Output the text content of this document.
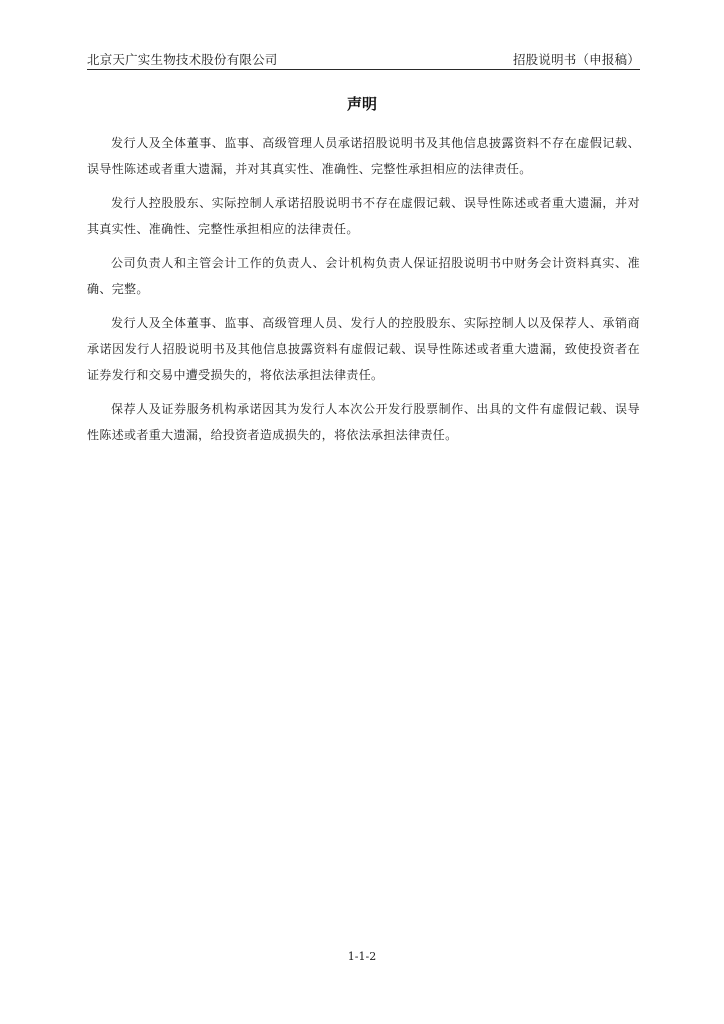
北京天广实生物技术股份有限公司	招股说明书（申报稿）
声明

发行人及全体董事、监事、高级管理人员承诺招股说明书及其他信息披露资料不存在虚假记载、误导性陈述或者重大遗漏，并对其真实性、准确性、完整性承担相应的法律责任。

发行人控股股东、实际控制人承诺招股说明书不存在虚假记载、误导性陈述或者重大遗漏，并对其真实性、准确性、完整性承担相应的法律责任。

公司负责人和主管会计工作的负责人、会计机构负责人保证招股说明书中财务会计资料真实、准确、完整。

发行人及全体董事、监事、高级管理人员、发行人的控股股东、实际控制人以及保荐人、承销商承诺因发行人招股说明书及其他信息披露资料有虚假记载、误导性陈述或者重大遗漏，致使投资者在证券发行和交易中遭受损失的，将依法承担法律责任。

保荐人及证券服务机构承诺因其为发行人本次公开发行股票制作、出具的文件有虚假记载、误导性陈述或者重大遗漏，给投资者造成损失的，将依法承担法律责任。

1-1-2
